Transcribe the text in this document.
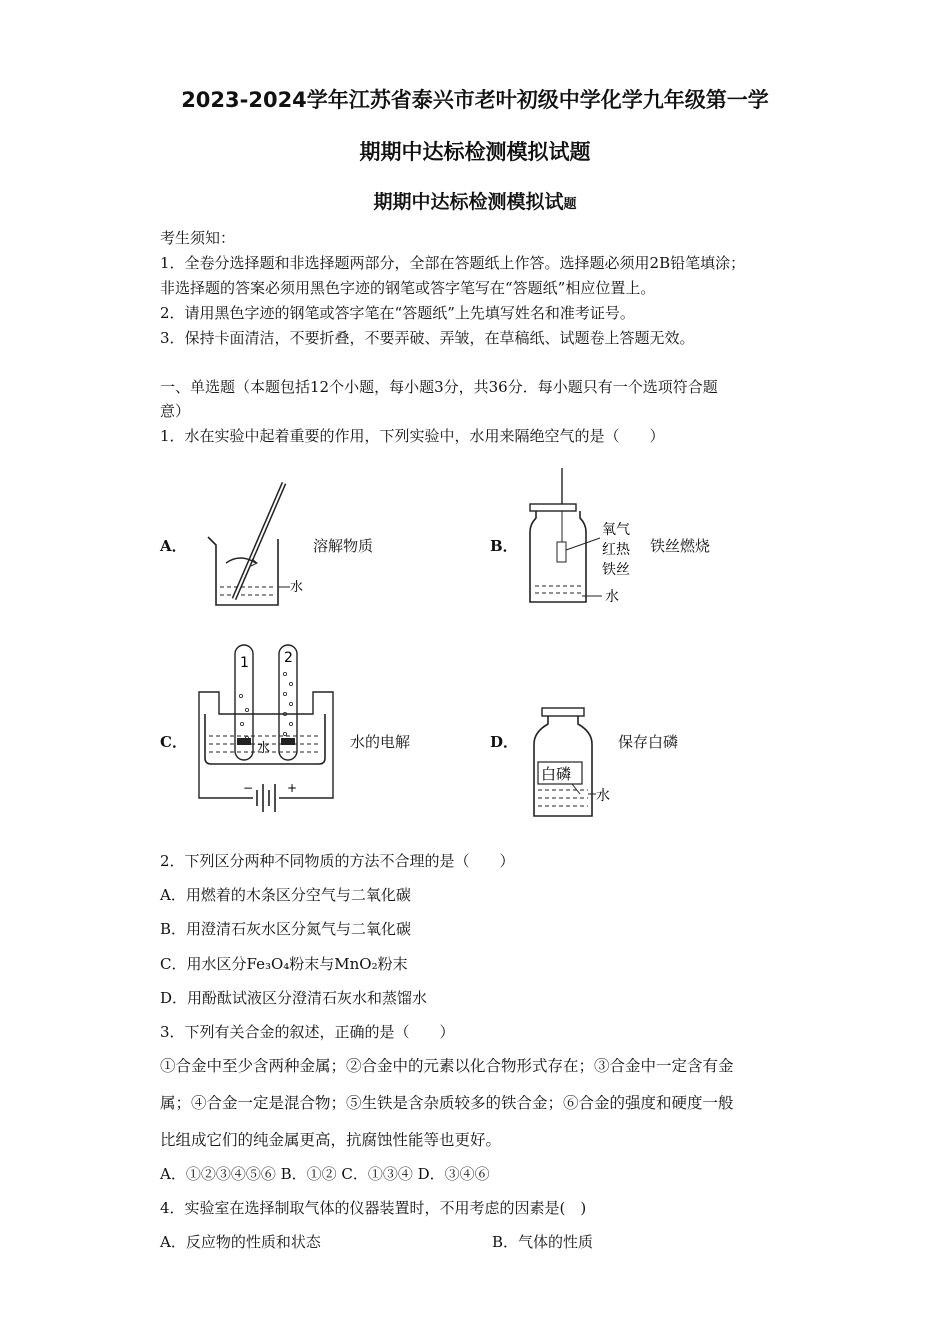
2023-2024学年江苏省泰兴市老叶初级中学化学九年级第一学
期期中达标检测模拟试题
期期中达标检测模拟试题
考生须知：
1．全卷分选择题和非选择题两部分，全部在答题纸上作答。选择题必须用2B铅笔填涂；
非选择题的答案必须用黑色字迹的钢笔或答字笔写在“答题纸”相应位置上。
2．请用黑色字迹的钢笔或答字笔在“答题纸”上先填写姓名和准考证号。
3．保持卡面清洁，不要折叠，不要弄破、弄皱，在草稿纸、试题卷上答题无效。
一、单选题（本题包括12个小题，每小题3分，共36分．每小题只有一个选项符合题
意）
1．水在实验中起着重要的作用，下列实验中，水用来隔绝空气的是（　　）
A．
水
溶解物质	B．
氧气
红热
铁丝
水
铁丝燃烧
C．
1	2
水
−	+
水的电解	D．
白磷
水
保存白磷
2．下列区分两种不同物质的方法不合理的是（　　）
A．用燃着的木条区分空气与二氧化碳
B．用澄清石灰水区分氮气与二氧化碳
C．用水区分Fe₃O₄粉末与MnO₂粉末
D．用酚酞试液区分澄清石灰水和蒸馏水
3．下列有关合金的叙述，正确的是（　　）
①合金中至少含两种金属；②合金中的元素以化合物形式存在；③合金中一定含有金
属；④合金一定是混合物；⑤生铁是含杂质较多的铁合金；⑥合金的强度和硬度一般
比组成它们的纯金属更高，抗腐蚀性能等也更好。
A．①②③④⑤⑥ B．①② C．①③④ D．③④⑥
4．实验室在选择制取气体的仪器装置时，不用考虑的因素是(　)
A．反应物的性质和状态	B．气体的性质
